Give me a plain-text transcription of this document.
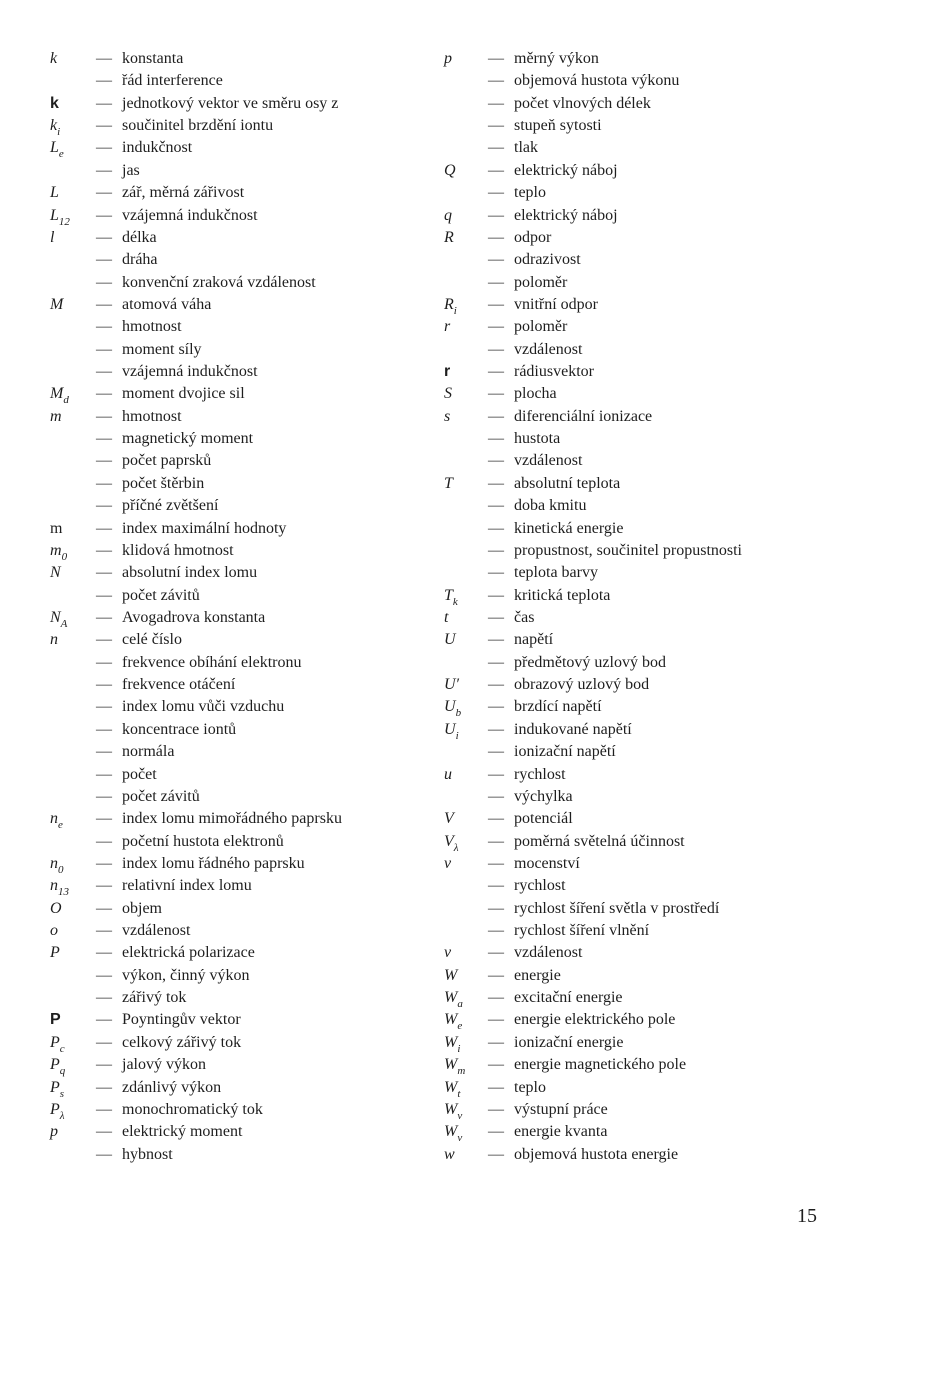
k	— konstanta
— řád interference
k	— jednotkový vektor ve směru osy z
$k_i$	— součinitel brzdění iontu
$L_e$	— indukčnost
— jas
L	— zář, měrná zářivost
$L_{12}$	— vzájemná indukčnost
l	— délka
— dráha
— konvenční zraková vzdálenost
M	— atomová váha
— hmotnost
— moment síly
— vzájemná indukčnost
$M_d$	— moment dvojice sil
m	— hmotnost
— magnetický moment
— počet paprsků
— počet štěrbin
— příčné zvětšení
m	— index maximální hodnoty
$m_0$	— klidová hmotnost
N	— absolutní index lomu
— počet závitů
$N_A$	— Avogadrova konstanta
n	— celé číslo
— frekvence obíhání elektronu
— frekvence otáčení
— index lomu vůči vzduchu
— koncentrace iontů
— normála
— počet
— počet závitů
$n_e$	— index lomu mimořádného paprsku
— početní hustota elektronů
$n_0$	— index lomu řádného paprsku
$n_{13}$	— relativní index lomu
O	— objem
o	— vzdálenost
P	— elektrická polarizace
— výkon, činný výkon
— zářivý tok
P	— Poyntingův vektor
$P_c$	— celkový zářivý tok
$P_q$	— jalový výkon
$P_s$	— zdánlivý výkon
$P_\lambda$	— monochromatický tok
p	— elektrický moment
— hybnost
p	— měrný výkon
— objemová hustota výkonu
— počet vlnových délek
— stupeň sytosti
— tlak
Q	— elektrický náboj
— teplo
q	— elektrický náboj
R	— odpor
— odrazivost
— poloměr
$R_i$	— vnitřní odpor
r	— poloměr
— vzdálenost
r	— rádiusvektor
S	— plocha
s	— diferenciální ionizace
— hustota
— vzdálenost
T	— absolutní teplota
— doba kmitu
— kinetická energie
— propustnost, součinitel propustnosti
— teplota barvy
$T_k$	— kritická teplota
t	— čas
U	— napětí
— předmětový uzlový bod
U′	— obrazový uzlový bod
$U_b$	— brzdící napětí
$U_i$	— indukované napětí
— ionizační napětí
u	— rychlost
— výchylka
V	— potenciál
$V_\lambda$	— poměrná světelná účinnost
v	— mocenství
— rychlost
— rychlost šíření světla v prostředí
— rychlost šíření vlnění
v	— vzdálenost
W	— energie
$W_a$	— excitační energie
$W_e$	— energie elektrického pole
$W_i$	— ionizační energie
$W_m$	— energie magnetického pole
$W_t$	— teplo
$W_v$	— výstupní práce
$W_\nu$	— energie kvanta
w	— objemová hustota energie
15
